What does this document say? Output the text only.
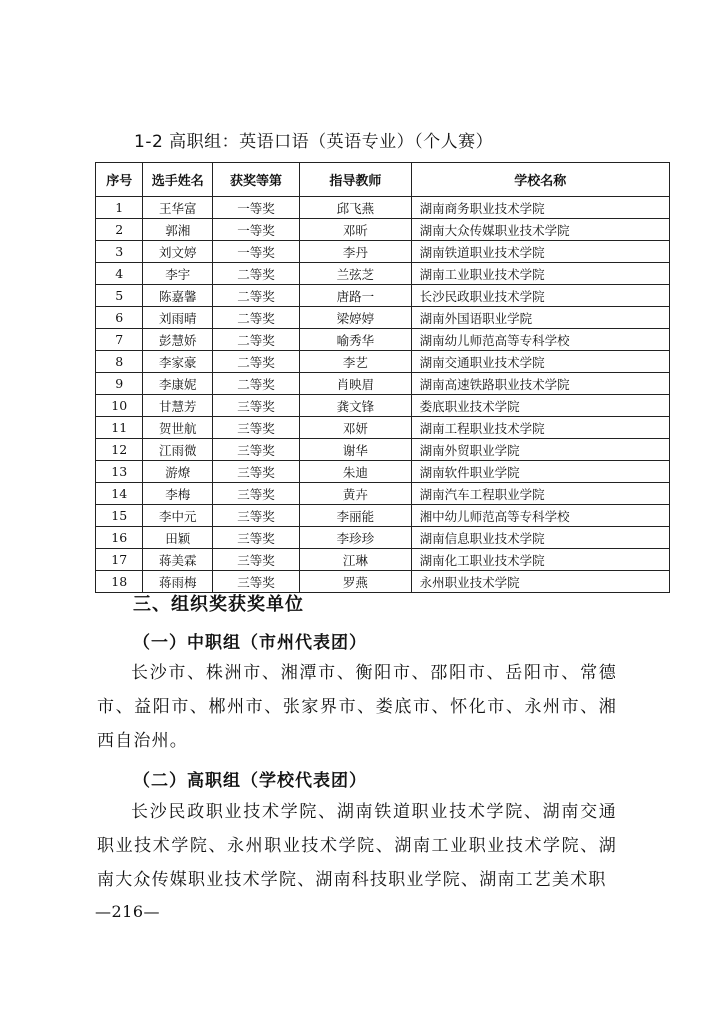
1-2 高职组：英语口语（英语专业）（个人赛）
序号	选手姓名	获奖等第	指导教师	学校名称
1	王华富	一等奖	邱飞燕	湖南商务职业技术学院
2	郭湘	一等奖	邓昕	湖南大众传媒职业技术学院
3	刘文婷	一等奖	李丹	湖南铁道职业技术学院
4	李宇	二等奖	兰弦芝	湖南工业职业技术学院
5	陈嘉馨	二等奖	唐路一	长沙民政职业技术学院
6	刘雨晴	二等奖	梁婷婷	湖南外国语职业学院
7	彭慧娇	二等奖	喻秀华	湖南幼儿师范高等专科学校
8	李家豪	二等奖	李艺	湖南交通职业技术学院
9	李康妮	二等奖	肖映眉	湖南高速铁路职业技术学院
10	甘慧芳	三等奖	龚文锋	娄底职业技术学院
11	贺世航	三等奖	邓妍	湖南工程职业技术学院
12	江雨微	三等奖	谢华	湖南外贸职业学院
13	游燎	三等奖	朱迪	湖南软件职业学院
14	李梅	三等奖	黄卉	湖南汽车工程职业学院
15	李中元	三等奖	李丽能	湘中幼儿师范高等专科学校
16	田颖	三等奖	李珍珍	湖南信息职业技术学院
17	蒋美霖	三等奖	江琳	湖南化工职业技术学院
18	蒋雨梅	三等奖	罗燕	永州职业技术学院
三、组织奖获奖单位
（一）中职组（市州代表团）
长沙市、株洲市、湘潭市、衡阳市、邵阳市、岳阳市、常德市、益阳市、郴州市、张家界市、娄底市、怀化市、永州市、湘西自治州。
（二）高职组（学校代表团）
长沙民政职业技术学院、湖南铁道职业技术学院、湖南交通职业技术学院、永州职业技术学院、湖南工业职业技术学院、湖南大众传媒职业技术学院、湖南科技职业学院、湖南工艺美术职
—216—
